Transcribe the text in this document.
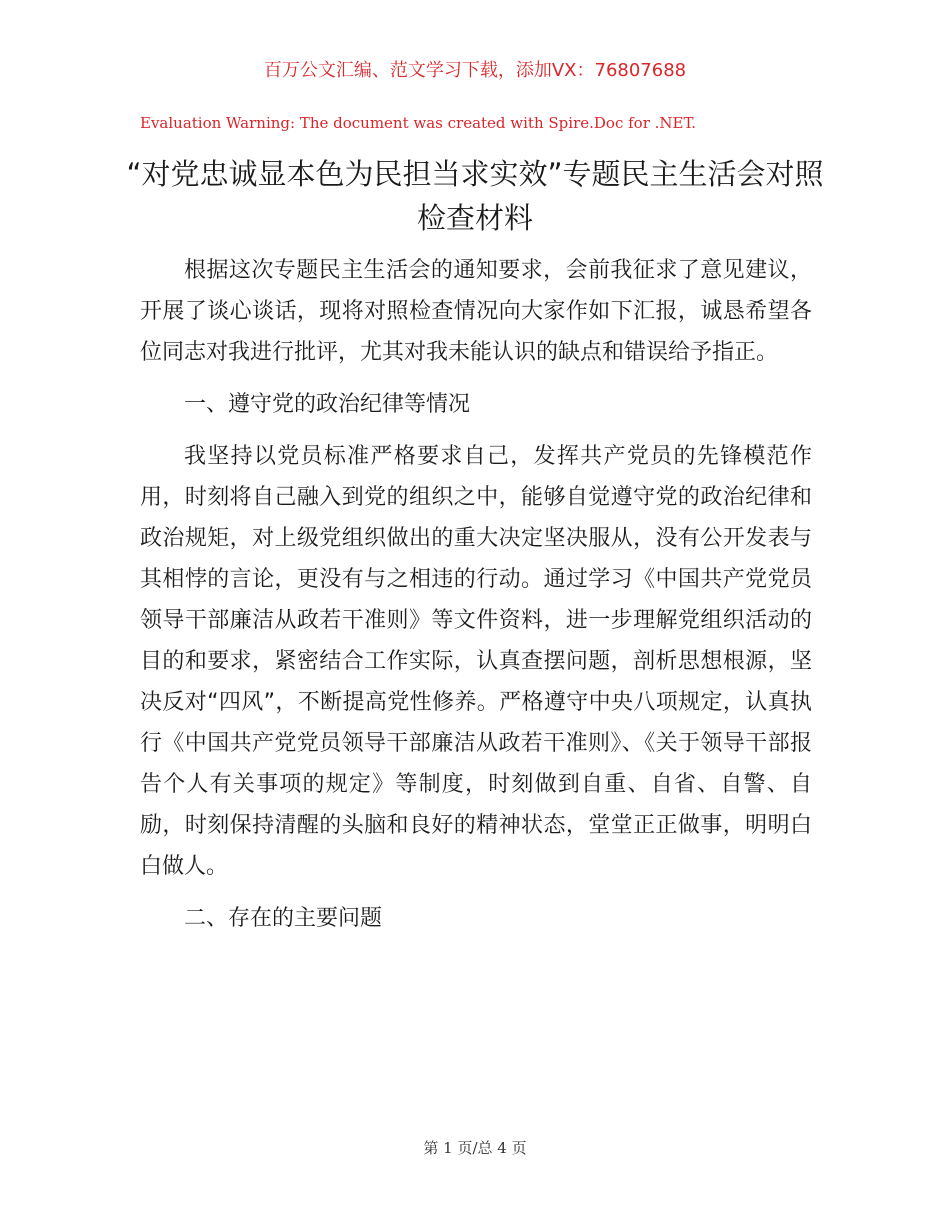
百万公文汇编、范文学习下载，添加VX：76807688
Evaluation Warning: The document was created with Spire.Doc for .NET.
“对党忠诚显本色为民担当求实效”专题民主生活会对照检查材料

根据这次专题民主生活会的通知要求，会前我征求了意见建议，开展了谈心谈话，现将对照检查情况向大家作如下汇报，诚恳希望各位同志对我进行批评，尤其对我未能认识的缺点和错误给予指正。

一、遵守党的政治纪律等情况

我坚持以党员标准严格要求自己，发挥共产党员的先锋模范作用，时刻将自己融入到党的组织之中，能够自觉遵守党的政治纪律和政治规矩，对上级党组织做出的重大决定坚决服从，没有公开发表与其相悖的言论，更没有与之相违的行动。通过学习《中国共产党党员领导干部廉洁从政若干准则》等文件资料，进一步理解党组织活动的目的和要求，紧密结合工作实际，认真查摆问题，剖析思想根源，坚决反对“四风”，不断提高党性修养。严格遵守中央八项规定，认真执行《中国共产党党员领导干部廉洁从政若干准则》、《关于领导干部报告个人有关事项的规定》等制度，时刻做到自重、自省、自警、自励，时刻保持清醒的头脑和良好的精神状态，堂堂正正做事，明明白白做人。

二、存在的主要问题

第 1 页/总 4 页
